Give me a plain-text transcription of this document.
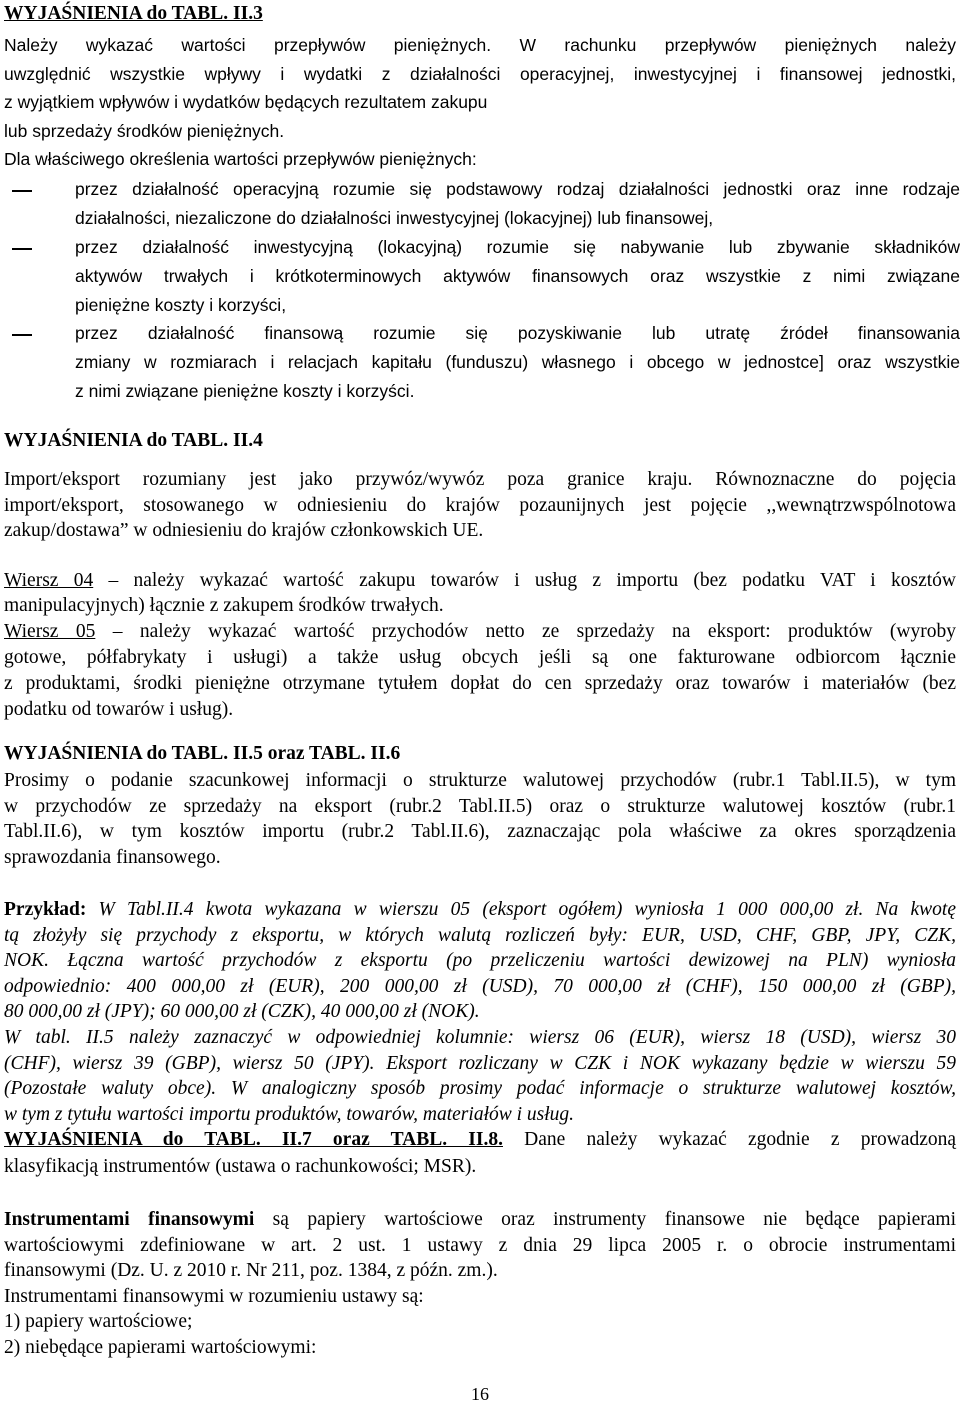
WYJAŚNIENIA do TABL. II.3
Należy wykazać wartości przepływów pieniężnych. W rachunku przepływów pieniężnych należy
uwzględnić wszystkie wpływy i wydatki z działalności operacyjnej, inwestycyjnej i finansowej jednostki,
z wyjątkiem wpływów i wydatków będących rezultatem zakupu
lub sprzedaży środków pieniężnych.
Dla właściwego określenia wartości przepływów pieniężnych:
przez działalność operacyjną rozumie się podstawowy rodzaj działalności jednostki oraz inne rodzaje
działalności, niezaliczone do działalności inwestycyjnej (lokacyjnej) lub finansowej,
przez działalność inwestycyjną (lokacyjną) rozumie się nabywanie lub zbywanie składników
aktywów trwałych i krótkoterminowych aktywów finansowych oraz wszystkie z nimi związane
pieniężne koszty i korzyści,
przez działalność finansową rozumie się pozyskiwanie lub utratę źródeł finansowania
zmiany w rozmiarach i relacjach kapitału (funduszu) własnego i obcego w jednostce] oraz wszystkie
z nimi związane pieniężne koszty i korzyści.
WYJAŚNIENIA do TABL. II.4
Import/eksport rozumiany jest jako przywóz/wywóz poza granice kraju. Równoznaczne do pojęcia
import/eksport, stosowanego w odniesieniu do krajów pozaunijnych jest pojęcie ,,wewnątrzwspólnotowa
zakup/dostawa” w odniesieniu do krajów członkowskich UE.
Wiersz 04 – należy wykazać wartość zakupu towarów i usług z importu (bez podatku VAT i kosztów
manipulacyjnych) łącznie z zakupem środków trwałych.
Wiersz 05 – należy wykazać wartość przychodów netto ze sprzedaży na eksport: produktów (wyroby
gotowe, półfabrykaty i usługi) a także usług obcych jeśli są one fakturowane odbiorcom łącznie
z produktami, środki pieniężne otrzymane tytułem dopłat do cen sprzedaży oraz towarów i materiałów (bez
podatku od towarów i usług).
WYJAŚNIENIA do TABL. II.5 oraz TABL. II.6
Prosimy o podanie szacunkowej informacji o strukturze walutowej przychodów (rubr.1 Tabl.II.5), w tym
w przychodów ze sprzedaży na eksport (rubr.2 Tabl.II.5) oraz o strukturze walutowej kosztów (rubr.1
Tabl.II.6), w tym kosztów importu (rubr.2 Tabl.II.6), zaznaczając pola właściwe za okres sporządzenia
sprawozdania finansowego.
Przykład: W Tabl.II.4 kwota wykazana w wierszu 05 (eksport ogółem) wyniosła 1 000 000,00 zł. Na kwotę
tą złożyły się przychody z eksportu, w których walutą rozliczeń były: EUR, USD, CHF, GBP, JPY, CZK,
NOK. Łączna wartość przychodów z eksportu (po przeliczeniu wartości dewizowej na PLN) wyniosła
odpowiednio: 400 000,00 zł (EUR), 200 000,00 zł (USD), 70 000,00 zł (CHF), 150 000,00 zł (GBP),
80 000,00 zł (JPY); 60 000,00 zł (CZK), 40 000,00 zł (NOK).
W tabl. II.5 należy zaznaczyć w odpowiedniej kolumnie: wiersz 06 (EUR), wiersz 18 (USD), wiersz 30
(CHF), wiersz 39 (GBP), wiersz 50 (JPY). Eksport rozliczany w CZK i NOK wykazany będzie w wierszu 59
(Pozostałe waluty obce). W analogiczny sposób prosimy podać informacje o strukturze walutowej kosztów,
w tym z tytułu wartości importu produktów, towarów, materiałów i usług.
WYJAŚNIENIA do TABL. II.7 oraz TABL. II.8. Dane należy wykazać zgodnie z prowadzoną
klasyfikacją instrumentów (ustawa o rachunkowości; MSR).
Instrumentami finansowymi są papiery wartościowe oraz instrumenty finansowe nie będące papierami
wartościowymi zdefiniowane w art. 2 ust. 1 ustawy z dnia 29 lipca 2005 r. o obrocie instrumentami
finansowymi (Dz. U. z 2010 r. Nr 211, poz. 1384, z późn. zm.).
Instrumentami finansowymi w rozumieniu ustawy są:
1) papiery wartościowe;
2) niebędące papierami wartościowymi:
16
